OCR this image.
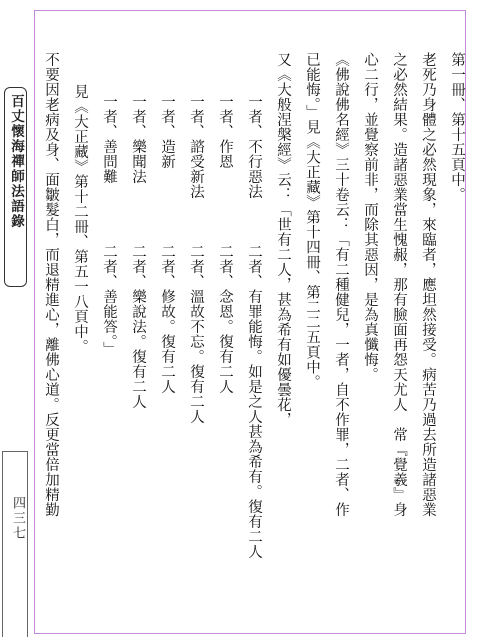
百丈懷海禪師法語錄
四三七
第一冊、第十五頁中。
老死乃身體之必然現象，來臨者，應坦然接受。病苦乃過去所造諸惡業
之必然結果。造諸惡業當生愧赧，那有臉面再怨天尤人　常『覺羲』身
心二行，並覺察前非，而除其惡因，是為真懺悔。
《佛說佛名經》三十卷云：「有二種健兒，一者，自不作罪，二者、作
已能悔。」見《大正藏》第十四冊、第二二五頁中。
又《大般涅槃經》云：「世有二人，甚為希有如優曇花，
一者、不行惡法
二者、有罪能悔。如是之人甚為希有。復有二人
一者、作恩
二者、念恩。復有二人
一者、諮受新法
二者、溫故不忘。復有二人
一者、造新
二者、修故。復有二人
一者、樂聞法
二者、樂說法。復有二人
一者、善問難
二者、善能答。」
見《大正藏》第十二冊、第五一八頁中。
不要因老病及身、面皺髮白，而退精進心，離佛心道。反更當倍加精勤
